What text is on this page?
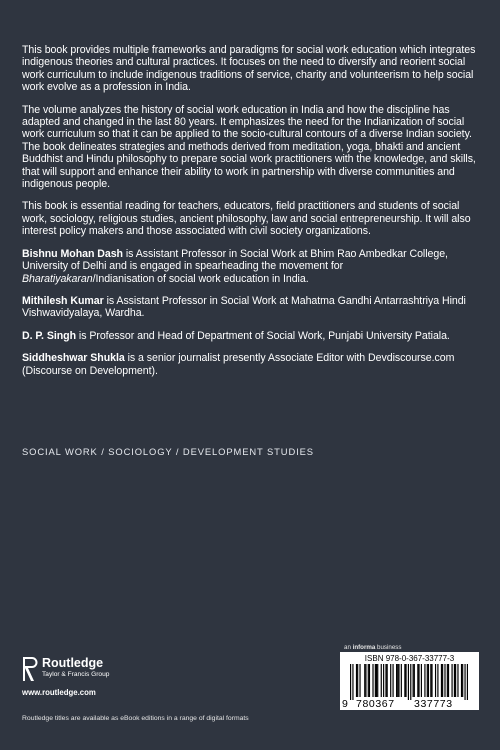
This book provides multiple frameworks and paradigms for social work education which integrates indigenous theories and cultural practices. It focuses on the need to diversify and reorient social work curriculum to include indigenous traditions of service, charity and volunteerism to help social work evolve as a profession in India.

The volume analyzes the history of social work education in India and how the discipline has adapted and changed in the last 80 years. It emphasizes the need for the Indianization of social work curriculum so that it can be applied to the socio-cultural contours of a diverse Indian society. The book delineates strategies and methods derived from meditation, yoga, bhakti and ancient Buddhist and Hindu philosophy to prepare social work practitioners with the knowledge, and skills, that will support and enhance their ability to work in partnership with diverse communities and indigenous people.

This book is essential reading for teachers, educators, field practitioners and students of social work, sociology, religious studies, ancient philosophy, law and social entrepreneurship. It will also interest policy makers and those associated with civil society organizations.

Bishnu Mohan Dash is Assistant Professor in Social Work at Bhim Rao Ambedkar College, University of Delhi and is engaged in spearheading the movement for Bharatiyakaran/Indianisation of social work education in India.

Mithilesh Kumar is Assistant Professor in Social Work at Mahatma Gandhi Antarrashtriya Hindi Vishwavidyalaya, Wardha.

D. P. Singh is Professor and Head of Department of Social Work, Punjabi University Patiala.

Siddheshwar Shukla is a senior journalist presently Associate Editor with Devdiscourse.com (Discourse on Development).

SOCIAL WORK / SOCIOLOGY / DEVELOPMENT STUDIES
Routledge
Taylor & Francis Group
www.routledge.com
an informa business
ISBN 978-0-367-33777-3
9 780367 337773
Routledge titles are available as eBook editions in a range of digital formats
